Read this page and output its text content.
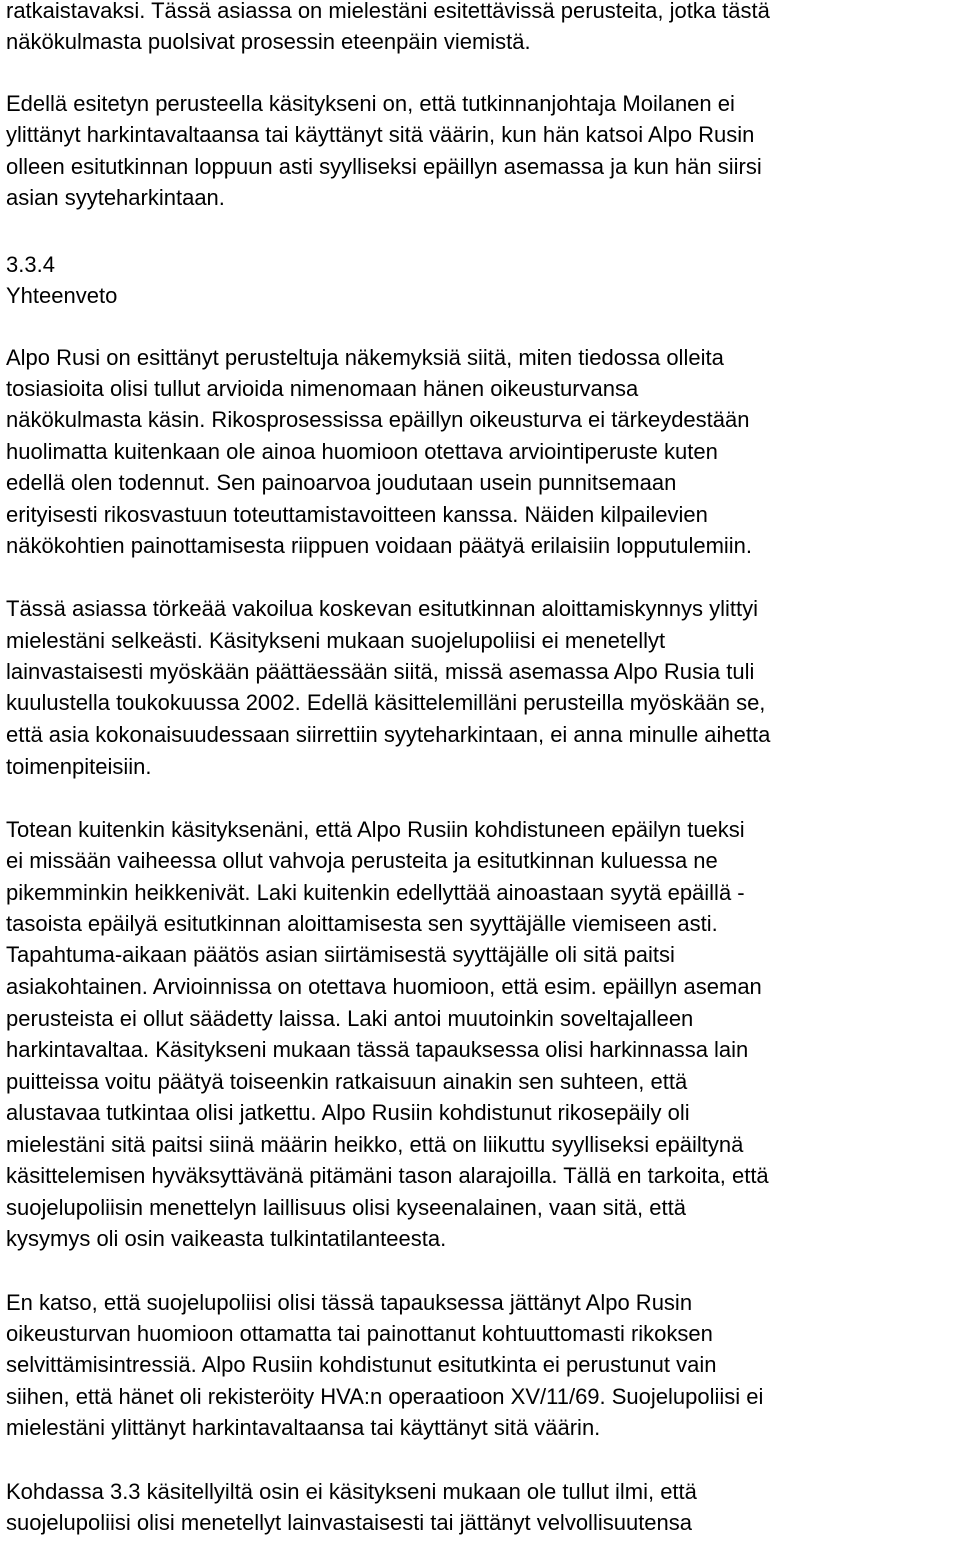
ratkaistavaksi. Tässä asiassa on mielestäni esitettävissä perusteita, jotka tästä
näkökulmasta puolsivat prosessin eteenpäin viemistä.
Edellä esitetyn perusteella käsitykseni on, että tutkinnanjohtaja Moilanen ei
ylittänyt harkintavaltaansa tai käyttänyt sitä väärin, kun hän katsoi Alpo Rusin
olleen esitutkinnan loppuun asti syylliseksi epäillyn asemassa ja kun hän siirsi
asian syyteharkintaan.
3.3.4
Yhteenveto
Alpo Rusi on esittänyt perusteltuja näkemyksiä siitä, miten tiedossa olleita
tosiasioita olisi tullut arvioida nimenomaan hänen oikeusturvansa
näkökulmasta käsin. Rikosprosessissa epäillyn oikeusturva ei tärkeydestään
huolimatta kuitenkaan ole ainoa huomioon otettava arviointiperuste kuten
edellä olen todennut. Sen painoarvoa joudutaan usein punnitsemaan
erityisesti rikosvastuun toteuttamistavoitteen kanssa. Näiden kilpailevien
näkökohtien painottamisesta riippuen voidaan päätyä erilaisiin lopputulemiin.
Tässä asiassa törkeää vakoilua koskevan esitutkinnan aloittamiskynnys ylittyi
mielestäni selkeästi. Käsitykseni mukaan suojelupoliisi ei menetellyt
lainvastaisesti myöskään päättäessään siitä, missä asemassa Alpo Rusia tuli
kuulustella toukokuussa 2002. Edellä käsittelemilläni perusteilla myöskään se,
että asia kokonaisuudessaan siirrettiin syyteharkintaan, ei anna minulle aihetta
toimenpiteisiin.
Totean kuitenkin käsityksenäni, että Alpo Rusiin kohdistuneen epäilyn tueksi
ei missään vaiheessa ollut vahvoja perusteita ja esitutkinnan kuluessa ne
pikemminkin heikkenivät. Laki kuitenkin edellyttää ainoastaan syytä epäillä -
tasoista epäilyä esitutkinnan aloittamisesta sen syyttäjälle viemiseen asti.
Tapahtuma-aikaan päätös asian siirtämisestä syyttäjälle oli sitä paitsi
asiakohtainen. Arvioinnissa on otettava huomioon, että esim. epäillyn aseman
perusteista ei ollut säädetty laissa. Laki antoi muutoinkin soveltajalleen
harkintavaltaa. Käsitykseni mukaan tässä tapauksessa olisi harkinnassa lain
puitteissa voitu päätyä toiseenkin ratkaisuun ainakin sen suhteen, että
alustavaa tutkintaa olisi jatkettu. Alpo Rusiin kohdistunut rikosepäily oli
mielestäni sitä paitsi siinä määrin heikko, että on liikuttu syylliseksi epäiltynä
käsittelemisen hyväksyttävänä pitämäni tason alarajoilla. Tällä en tarkoita, että
suojelupoliisin menettelyn laillisuus olisi kyseenalainen, vaan sitä, että
kysymys oli osin vaikeasta tulkintatilanteesta.
En katso, että suojelupoliisi olisi tässä tapauksessa jättänyt Alpo Rusin
oikeusturvan huomioon ottamatta tai painottanut kohtuuttomasti rikoksen
selvittämisintressiä. Alpo Rusiin kohdistunut esitutkinta ei perustunut vain
siihen, että hänet oli rekisteröity HVA:n operaatioon XV/11/69. Suojelupoliisi ei
mielestäni ylittänyt harkintavaltaansa tai käyttänyt sitä väärin.
Kohdassa 3.3 käsitellyiltä osin ei käsitykseni mukaan ole tullut ilmi, että
suojelupoliisi olisi menetellyt lainvastaisesti tai jättänyt velvollisuutensa
